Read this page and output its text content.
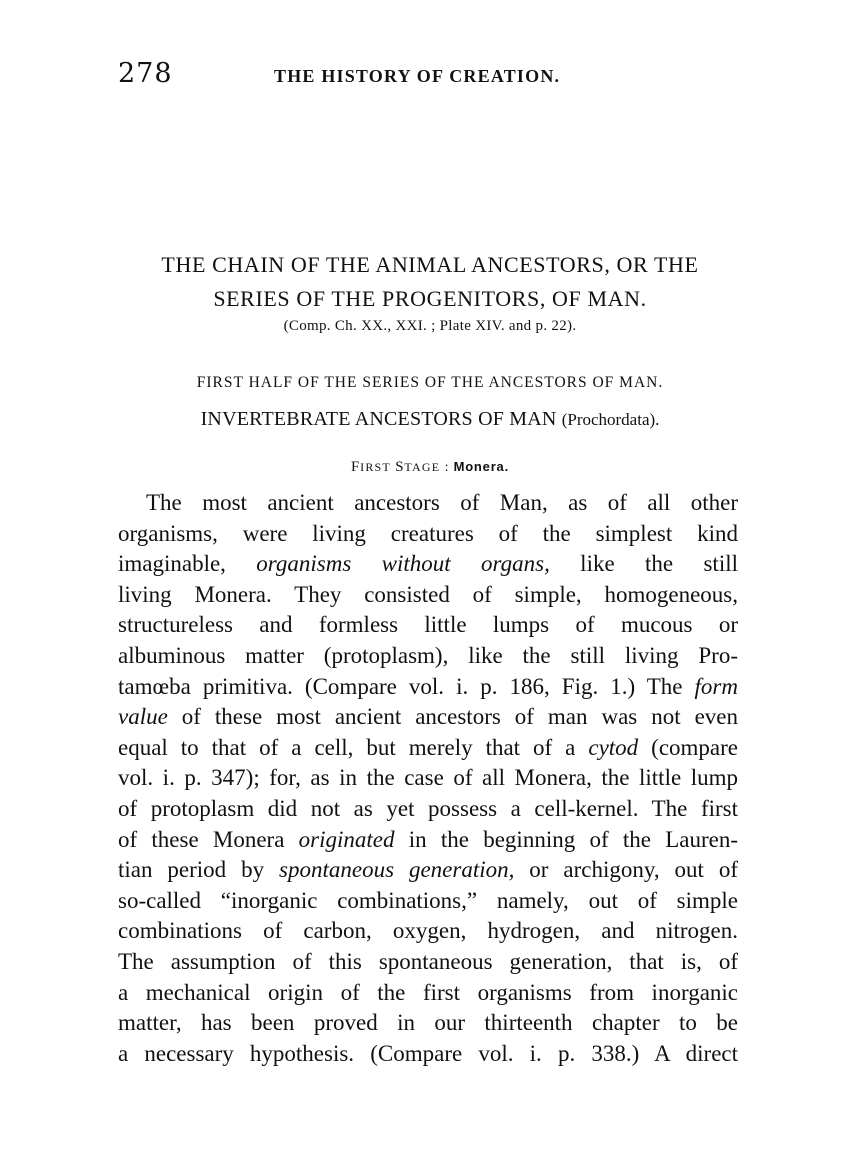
278	THE HISTORY OF CREATION.
THE CHAIN OF THE ANIMAL ANCESTORS, OR THE
SERIES OF THE PROGENITORS, OF MAN.
(Comp. Ch. XX., XXI. ; Plate XIV. and p. 22).
FIRST HALF OF THE SERIES OF THE ANCESTORS OF MAN.
INVERTEBRATE ANCESTORS OF MAN (Prochordata).
FIRST STAGE : Monera.
The most ancient ancestors of Man, as of all other
organisms, were living creatures of the simplest kind
imaginable, organisms without organs, like the still
living Monera. They consisted of simple, homogeneous,
structureless and formless little lumps of mucous or
albuminous matter (protoplasm), like the still living Pro-
tamœba primitiva. (Compare vol. i. p. 186, Fig. 1.) The form
value of these most ancient ancestors of man was not even
equal to that of a cell, but merely that of a cytod (compare
vol. i. p. 347); for, as in the case of all Monera, the little lump
of protoplasm did not as yet possess a cell-kernel. The first
of these Monera originated in the beginning of the Lauren-
tian period by spontaneous generation, or archigony, out of
so-called “inorganic combinations,” namely, out of simple
combinations of carbon, oxygen, hydrogen, and nitrogen.
The assumption of this spontaneous generation, that is, of
a mechanical origin of the first organisms from inorganic
matter, has been proved in our thirteenth chapter to be
a necessary hypothesis. (Compare vol. i. p. 338.) A direct
